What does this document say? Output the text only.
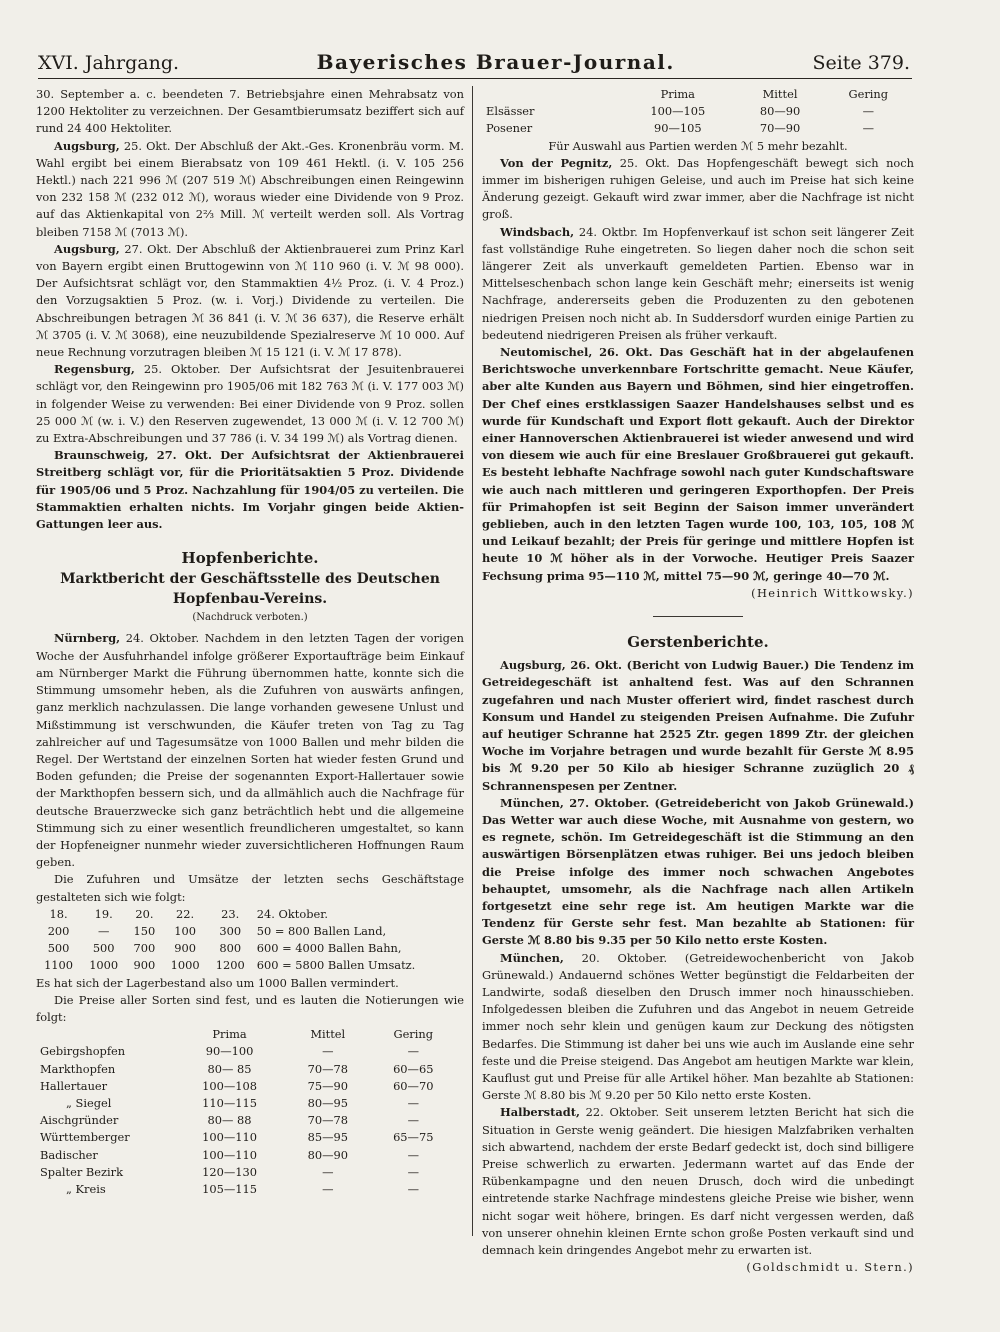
XVI. Jahrgang.	Bayerisches Brauer-Journal.	Seite 379.

30. September a. c. beendeten 7. Betriebsjahre einen Mehrabsatz von 1200 Hektoliter zu verzeichnen. Der Gesamtbierumsatz beziffert sich auf rund 24 400 Hektoliter.

Augsburg, 25. Okt. Der Abschluß der Akt.-Ges. Kronenbräu vorm. M. Wahl ergibt bei einem Bierabsatz von 109 461 Hektl. (i. V. 105 256 Hektl.) nach 221 996 ℳ (207 519 ℳ) Abschreibungen einen Reingewinn von 232 158 ℳ (232 012 ℳ), woraus wieder eine Dividende von 9 Proz. auf das Aktienkapital von 2⅔ Mill. ℳ verteilt werden soll. Als Vortrag bleiben 7158 ℳ (7013 ℳ).

Augsburg, 27. Okt. Der Abschluß der Aktienbrauerei zum Prinz Karl von Bayern ergibt einen Bruttogewinn von ℳ 110 960 (i. V. ℳ 98 000). Der Aufsichtsrat schlägt vor, den Stammaktien 4½ Proz. (i. V. 4 Proz.) den Vorzugsaktien 5 Proz. (w. i. Vorj.) Dividende zu verteilen. Die Abschreibungen betragen ℳ 36 841 (i. V. ℳ 36 637), die Reserve erhält ℳ 3705 (i. V. ℳ 3068), eine neuzubildende Spezialreserve ℳ 10 000. Auf neue Rechnung vorzutragen bleiben ℳ 15 121 (i. V. ℳ 17 878).

Regensburg, 25. Oktober. Der Aufsichtsrat der Jesuitenbrauerei schlägt vor, den Reingewinn pro 1905/06 mit 182 763 ℳ (i. V. 177 003 ℳ) in folgender Weise zu verwenden: Bei einer Dividende von 9 Proz. sollen 25 000 ℳ (w. i. V.) den Reserven zugewendet, 13 000 ℳ (i. V. 12 700 ℳ) zu Extra-Abschreibungen und 37 786 (i. V. 34 199 ℳ) als Vortrag dienen.

Braunschweig, 27. Okt. Der Aufsichtsrat der Aktienbrauerei Streitberg schlägt vor, für die Prioritätsaktien 5 Proz. Dividende für 1905/06 und 5 Proz. Nachzahlung für 1904/05 zu verteilen. Die Stammaktien erhalten nichts. Im Vorjahr gingen beide Aktien-Gattungen leer aus.

Hopfenberichte.
Marktbericht der Geschäftsstelle des Deutschen Hopfenbau-Vereins.
(Nachdruck verboten.)

Nürnberg, 24. Oktober. Nachdem in den letzten Tagen der vorigen Woche der Ausfuhrhandel infolge größerer Exportaufträge beim Einkauf am Nürnberger Markt die Führung übernommen hatte, konnte sich die Stimmung umsomehr heben, als die Zufuhren von auswärts anfingen, ganz merklich nachzulassen. Die lange vorhanden gewesene Unlust und Mißstimmung ist verschwunden, die Käufer treten von Tag zu Tag zahlreicher auf und Tagesumsätze von 1000 Ballen und mehr bilden die Regel. Der Wertstand der einzelnen Sorten hat wieder festen Grund und Boden gefunden; die Preise der sogenannten Export-Hallertauer sowie der Markthopfen bessern sich, und da allmählich auch die Nachfrage für deutsche Brauerzwecke sich ganz beträchtlich hebt und die allgemeine Stimmung sich zu einer wesentlich freundlicheren umgestaltet, so kann der Hopfeneigner nunmehr wieder zuversichtlicheren Hoffnungen Raum geben.

Die Zufuhren und Umsätze der letzten sechs Geschäftstage gestalteten sich wie folgt:

18.	19.	20.	22.	23.	24. Oktober.
200	—	150	100	300	50 = 800 Ballen Land,
500	500	700	900	800	600 = 4000 Ballen Bahn,
1100	1000	900	1000	1200	600 = 5800 Ballen Umsatz.

Es hat sich der Lagerbestand also um 1000 Ballen vermindert.

Die Preise aller Sorten sind fest, und es lauten die Notierungen wie folgt:

	Prima	Mittel	Gering
Gebirgshopfen	90—100	—	—
Markthopfen	80— 85	70—78	60—65
Hallertauer	100—108	75—90	60—70
„ Siegel	110—115	80—95	—
Aischgründer	80— 88	70—78	—
Württemberger	100—110	85—95	65—75
Badischer	100—110	80—90	—
Spalter Bezirk	120—130	—	—
„ Kreis	105—115	—	—
	Prima	Mittel	Gering
Elsässer	100—105	80—90	—
Posener	90—105	70—90	—

Für Auswahl aus Partien werden ℳ 5 mehr bezahlt.

Von der Pegnitz, 25. Okt. Das Hopfengeschäft bewegt sich noch immer im bisherigen ruhigen Geleise, und auch im Preise hat sich keine Änderung gezeigt. Gekauft wird zwar immer, aber die Nachfrage ist nicht groß.

Windsbach, 24. Oktbr. Im Hopfenverkauf ist schon seit längerer Zeit fast vollständige Ruhe eingetreten. So liegen daher noch die schon seit längerer Zeit als unverkauft gemeldeten Partien. Ebenso war in Mittelseschenbach schon lange kein Geschäft mehr; einerseits ist wenig Nachfrage, andererseits geben die Produzenten zu den gebotenen niedrigen Preisen noch nicht ab. In Suddersdorf wurden einige Partien zu bedeutend niedrigeren Preisen als früher verkauft.

Neutomischel, 26. Okt. Das Geschäft hat in der abgelaufenen Berichtswoche unverkennbare Fortschritte gemacht. Neue Käufer, aber alte Kunden aus Bayern und Böhmen, sind hier eingetroffen. Der Chef eines erstklassigen Saazer Handelshauses selbst und es wurde für Kundschaft und Export flott gekauft. Auch der Direktor einer Hannoverschen Aktienbrauerei ist wieder anwesend und wird von diesem wie auch für eine Breslauer Großbrauerei gut gekauft. Es besteht lebhafte Nachfrage sowohl nach guter Kundschaftsware wie auch nach mittleren und geringeren Exporthopfen. Der Preis für Primahopfen ist seit Beginn der Saison immer unverändert geblieben, auch in den letzten Tagen wurde 100, 103, 105, 108 ℳ und Leikauf bezahlt; der Preis für geringe und mittlere Hopfen ist heute 10 ℳ höher als in der Vorwoche. Heutiger Preis Saazer Fechsung prima 95—110 ℳ, mittel 75—90 ℳ, geringe 40—70 ℳ.

(Heinrich Wittkowsky.)

Gerstenberichte.

Augsburg, 26. Okt. (Bericht von Ludwig Bauer.) Die Tendenz im Getreidegeschäft ist anhaltend fest. Was auf den Schrannen zugefahren und nach Muster offeriert wird, findet raschest durch Konsum und Handel zu steigenden Preisen Aufnahme. Die Zufuhr auf heutiger Schranne hat 2525 Ztr. gegen 1899 Ztr. der gleichen Woche im Vorjahre betragen und wurde bezahlt für Gerste ℳ 8.95 bis ℳ 9.20 per 50 Kilo ab hiesiger Schranne zuzüglich 20 ₰ Schrannenspesen per Zentner.

München, 27. Oktober. (Getreidebericht von Jakob Grünewald.) Das Wetter war auch diese Woche, mit Ausnahme von gestern, wo es regnete, schön. Im Getreidegeschäft ist die Stimmung an den auswärtigen Börsenplätzen etwas ruhiger. Bei uns jedoch bleiben die Preise infolge des immer noch schwachen Angebotes behauptet, umsomehr, als die Nachfrage nach allen Artikeln fortgesetzt eine sehr rege ist. Am heutigen Markte war die Tendenz für Gerste sehr fest. Man bezahlte ab Stationen: für Gerste ℳ 8.80 bis 9.35 per 50 Kilo netto erste Kosten.

München, 20. Oktober. (Getreidewochenbericht von Jakob Grünewald.) Andauernd schönes Wetter begünstigt die Feldarbeiten der Landwirte, sodaß dieselben den Drusch immer noch hinausschieben. Infolgedessen bleiben die Zufuhren und das Angebot in neuem Getreide immer noch sehr klein und genügen kaum zur Deckung des nötigsten Bedarfes. Die Stimmung ist daher bei uns wie auch im Auslande eine sehr feste und die Preise steigend. Das Angebot am heutigen Markte war klein, Kauflust gut und Preise für alle Artikel höher. Man bezahlte ab Stationen: Gerste ℳ 8.80 bis ℳ 9.20 per 50 Kilo netto erste Kosten.

Halberstadt, 22. Oktober. Seit unserem letzten Bericht hat sich die Situation in Gerste wenig geändert. Die hiesigen Malzfabriken verhalten sich abwartend, nachdem der erste Bedarf gedeckt ist, doch sind billigere Preise schwerlich zu erwarten. Jedermann wartet auf das Ende der Rübenkampagne und den neuen Drusch, doch wird die unbedingt eintretende starke Nachfrage mindestens gleiche Preise wie bisher, wenn nicht sogar weit höhere, bringen. Es darf nicht vergessen werden, daß von unserer ohnehin kleinen Ernte schon große Posten verkauft sind und demnach kein dringendes Angebot mehr zu erwarten ist.

(Goldschmidt u. Stern.)
